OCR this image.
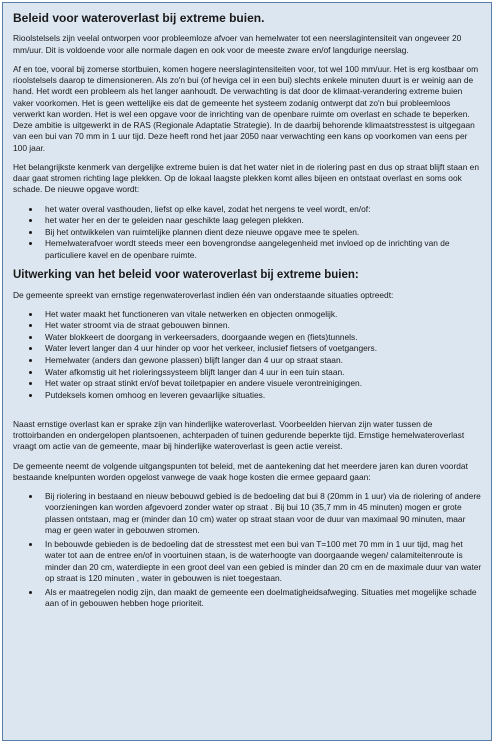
Beleid voor wateroverlast bij extreme buien.

Rioolstelsels zijn veelal ontworpen voor probleemloze afvoer van hemelwater tot een neerslagintensiteit van ongeveer 20 mm/uur. Dit is voldoende voor alle normale dagen en ook voor de meeste zware en/of langdurige neerslag.

Af en toe, vooral bij zomerse stortbuien, komen hogere neerslagintensiteiten voor, tot wel 100 mm/uur. Het is erg kostbaar om rioolstelsels daarop te dimensioneren. Als zo'n bui (of heviga cel in een bui) slechts enkele minuten duurt is er weinig aan de hand. Het wordt een probleem als het langer aanhoudt. De verwachting is dat door de klimaat-verandering extreme buien vaker voorkomen. Het is geen wettelijke eis dat de gemeente het systeem zodanig ontwerpt dat zo'n bui probleemloos verwerkt kan worden. Het is wel een opgave voor de inrichting van de openbare ruimte om overlast en schade te beperken. Deze ambitie is uitgewerkt in de RAS (Regionale Adaptatie Strategie). In de daarbij behorende klimaatstresstest is uitgegaan van een bui van 70 mm in 1 uur tijd. Deze heeft rond het jaar 2050 naar verwachting een kans op voorkomen van eens per 100 jaar.

Het belangrijkste kenmerk van dergelijke extreme buien is dat het water niet in de riolering past en dus op straat blijft staan en daar gaat stromen richting lage plekken. Op de lokaal laagste plekken komt alles bijeen en ontstaat overlast en soms ook schade. De nieuwe opgave wordt:

• het water overal vasthouden, liefst op elke kavel, zodat het nergens te veel wordt, en/of:
• het water her en der te geleiden naar geschikte laag gelegen plekken.
• Bij het ontwikkelen van ruimtelijke plannen dient deze nieuwe opgave mee te spelen.
• Hemelwaterafvoer wordt steeds meer een bovengrondse aangelegenheid met invloed op de inrichting van de particuliere kavel en de openbare ruimte.
Uitwerking van het beleid voor wateroverlast bij extreme buien:

De gemeente spreekt van ernstige regenwateroverlast indien één van onderstaande situaties optreedt:

• Het water maakt het functioneren van vitale netwerken en objecten onmogelijk.
• Het water stroomt via de straat gebouwen binnen.
• Water blokkeert de doorgang in verkeersaders, doorgaande wegen en (fiets)tunnels.
• Water levert langer dan 4 uur hinder op voor het verkeer, inclusief fietsers of voetgangers.
• Hemelwater (anders dan gewone plassen) blijft langer dan 4 uur op straat staan.
• Water afkomstig uit het rioleringssysteem blijft langer dan 4 uur in een tuin staan.
• Het water op straat stinkt en/of bevat toiletpapier en andere visuele verontreinigingen.
• Putdeksels komen omhoog en leveren gevaarlijke situaties.

Naast ernstige overlast kan er sprake zijn van hinderlijke wateroverlast. Voorbeelden hiervan zijn water tussen de trottoirbanden en ondergelopen plantsoenen, achterpaden of tuinen gedurende beperkte tijd. Ernstige hemelwateroverlast vraagt om actie van de gemeente, maar bij hinderlijke wateroverlast is geen actie vereist.

De gemeente neemt de volgende uitgangspunten tot beleid, met de aantekening dat het meerdere jaren kan duren voordat bestaande knelpunten worden opgelost vanwege de vaak hoge kosten die ermee gepaard gaan:

• Bij riolering in bestaand en nieuw bebouwd gebied is de bedoeling dat bui 8 (20mm in 1 uur) via de riolering of andere voorzieningen kan worden afgevoerd zonder water op straat . Bij bui 10 (35,7 mm in 45 minuten) mogen er grote plassen ontstaan, mag er (minder dan 10 cm) water op straat staan voor de duur van maximaal 90 minuten, maar mag er geen water in gebouwen stromen.
• In bebouwde gebieden is de bedoeling dat de stresstest met een bui van T=100 met 70 mm in 1 uur tijd, mag het water tot aan de entree en/of in voortuinen staan, is de waterhoogte van doorgaande wegen/ calamiteitenroute is minder dan 20 cm, waterdiepte in een groot deel van een gebied is minder dan 20 cm en de maximale duur van water op straat is 120 minuten , water in gebouwen is niet toegestaan.
• Als er maatregelen nodig zijn, dan maakt de gemeente een doelmatigheidsafweging. Situaties met mogelijke schade aan of in gebouwen hebben hoge prioriteit.
